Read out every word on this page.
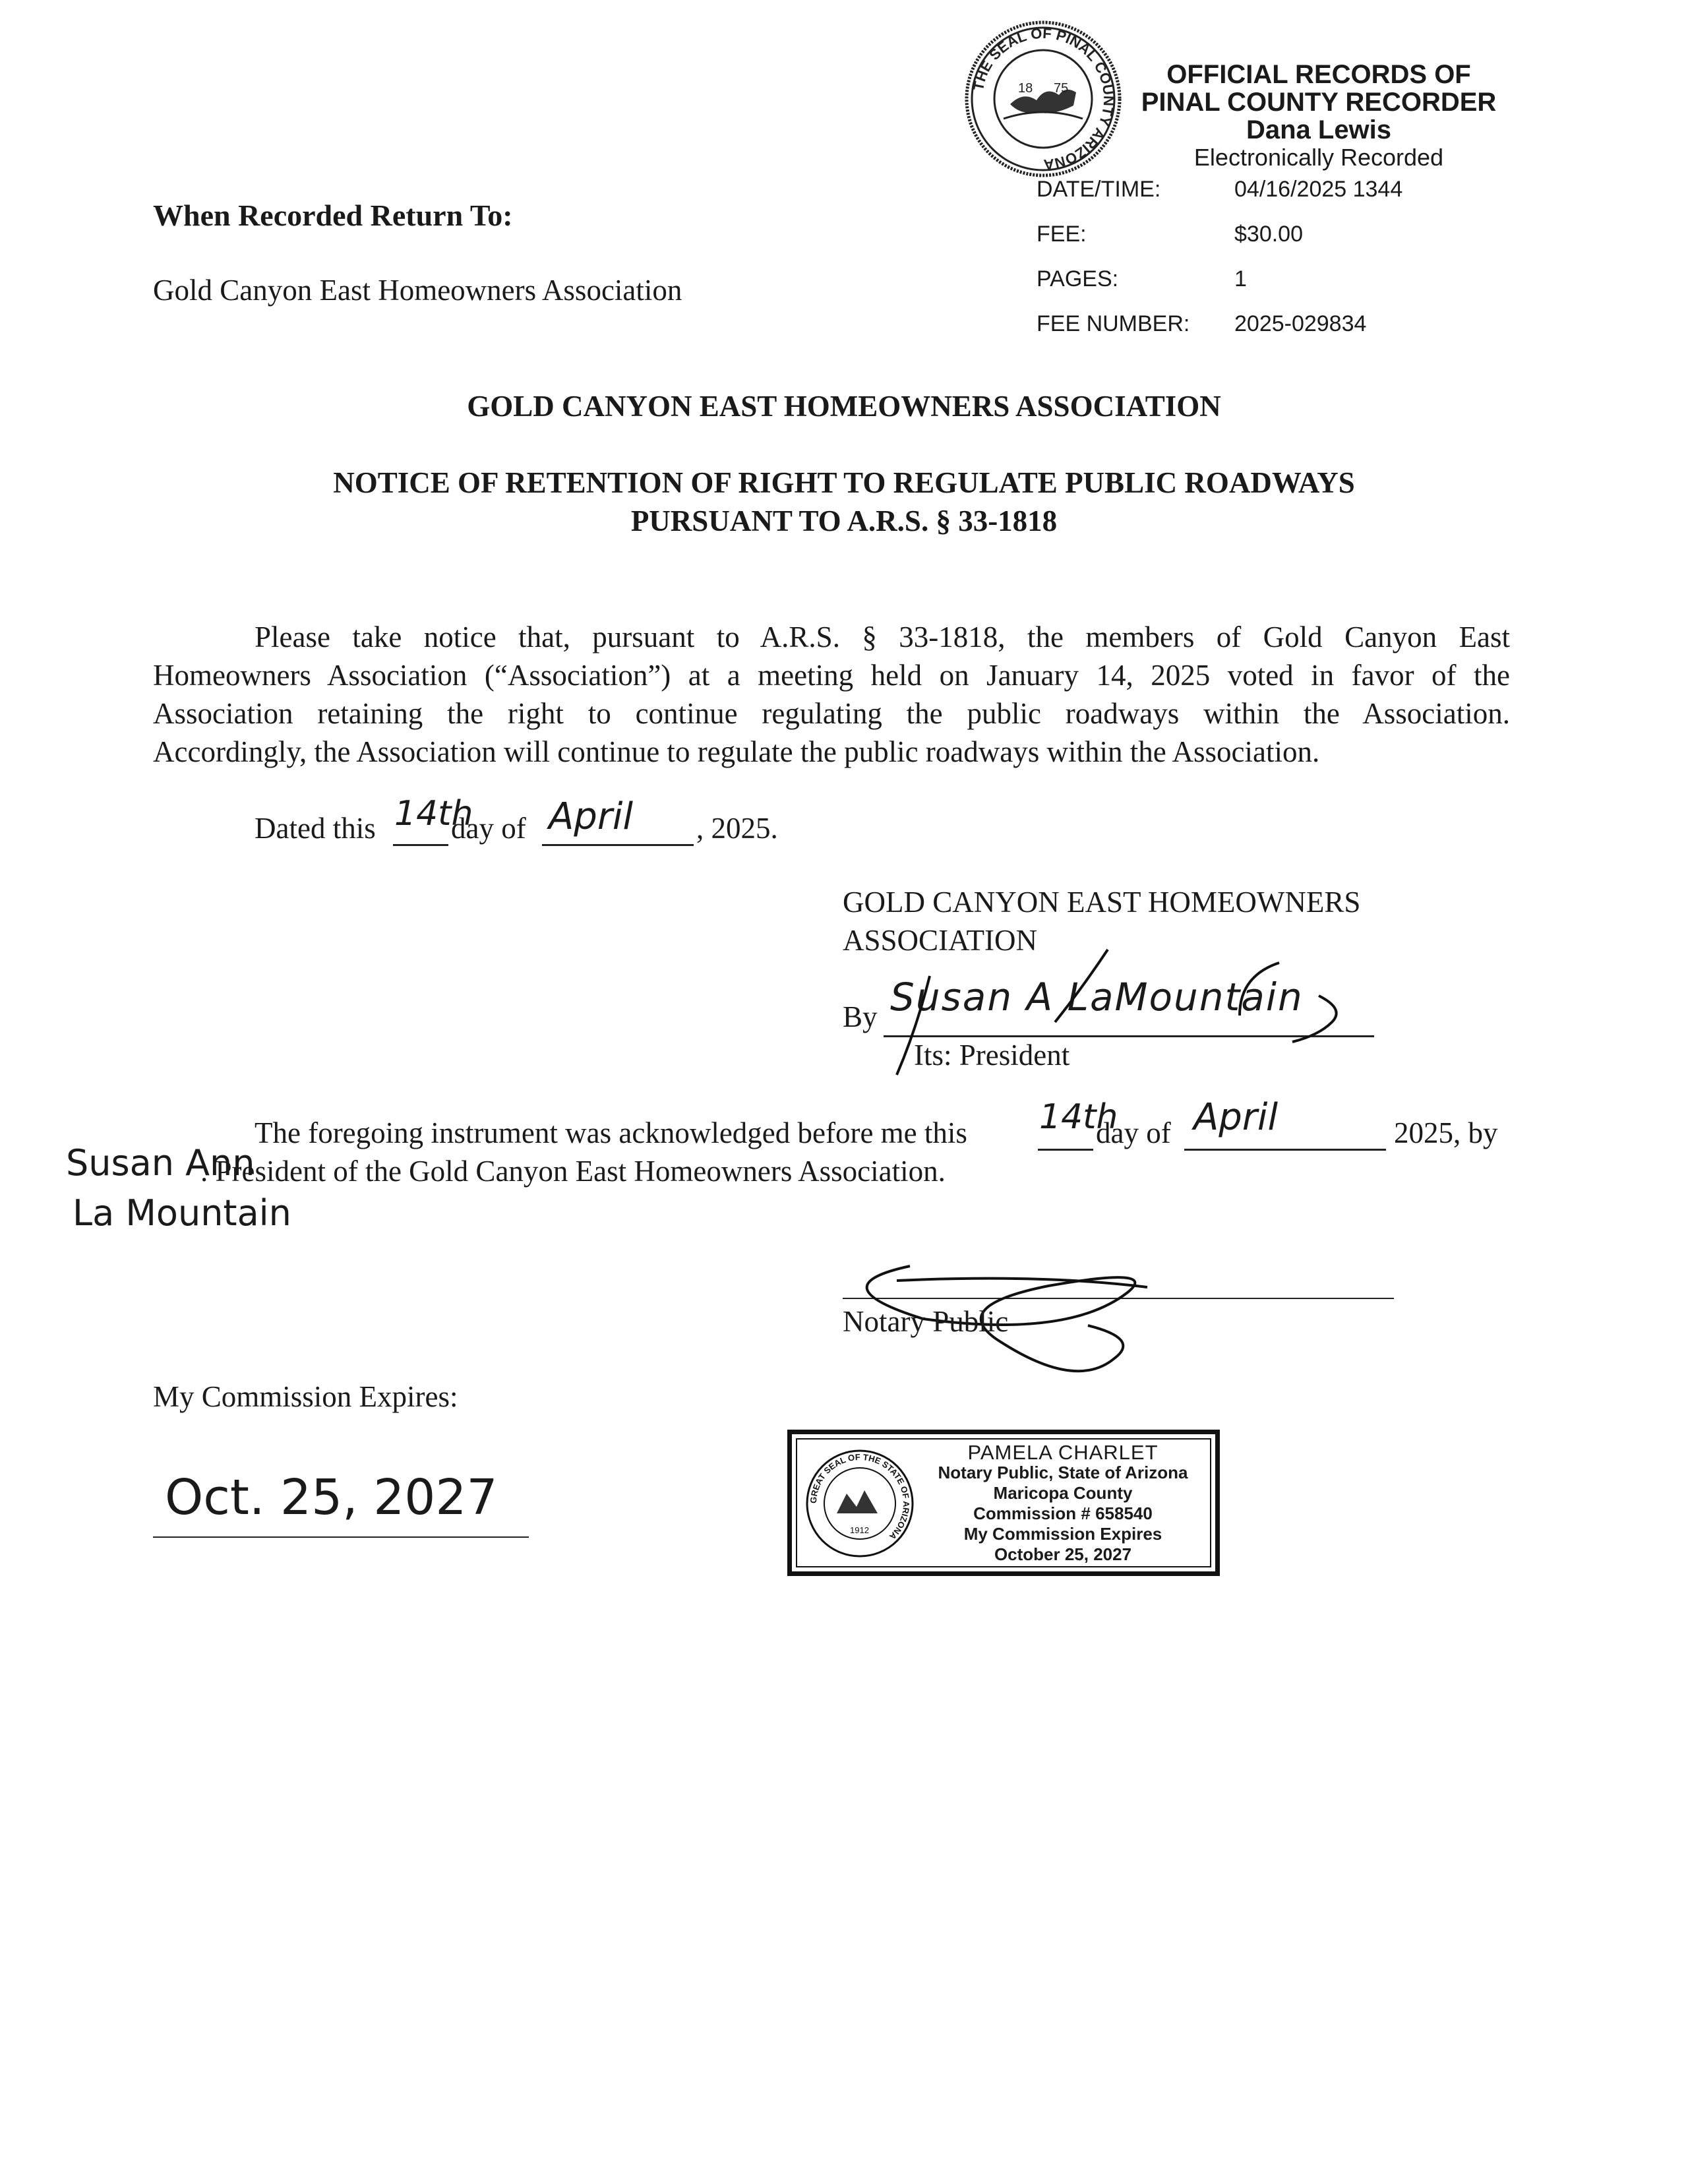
THE SEAL OF PINAL COUNTY ARIZONA
18 75	OFFICIAL RECORDS OF
PINAL COUNTY RECORDER
Dana Lewis
Electronically Recorded
DATE/TIME:	04/16/2025 1344
FEE:	$30.00
PAGES:	1
FEE NUMBER: 2025-029834
When Recorded Return To:
Gold Canyon East Homeowners Association
GOLD CANYON EAST HOMEOWNERS ASSOCIATION
NOTICE OF RETENTION OF RIGHT TO REGULATE PUBLIC ROADWAYS
PURSUANT TO A.R.S. § 33-1818
Please take notice that, pursuant to A.R.S. § 33-1818, the members of Gold Canyon East
Homeowners Association (“Association”) at a meeting held on January 14, 2025 voted in favor of the
Association retaining the right to continue regulating the public roadways within the Association.
Accordingly, the Association will continue to regulate the public roadways within the Association.
Dated this 14th
day of April , 2025.
GOLD CANYON EAST HOMEOWNERS
ASSOCIATION
By Susan A LaMountain
Its: President
The foregoing instrument was acknowledged before me this 14th
day of April	2025, by
Susan Ann
. President of the Gold Canyon East Homeowners Association.
La Mountain
Notary Public
My Commission Expires:
Oct. 25, 2027	GREAT SEAL OF THE STATE OF ARIZONA
1912
PAMELA CHARLET
Notary Public, State of Arizona
Maricopa County
Commission # 658540
My Commission Expires
October 25, 2027
